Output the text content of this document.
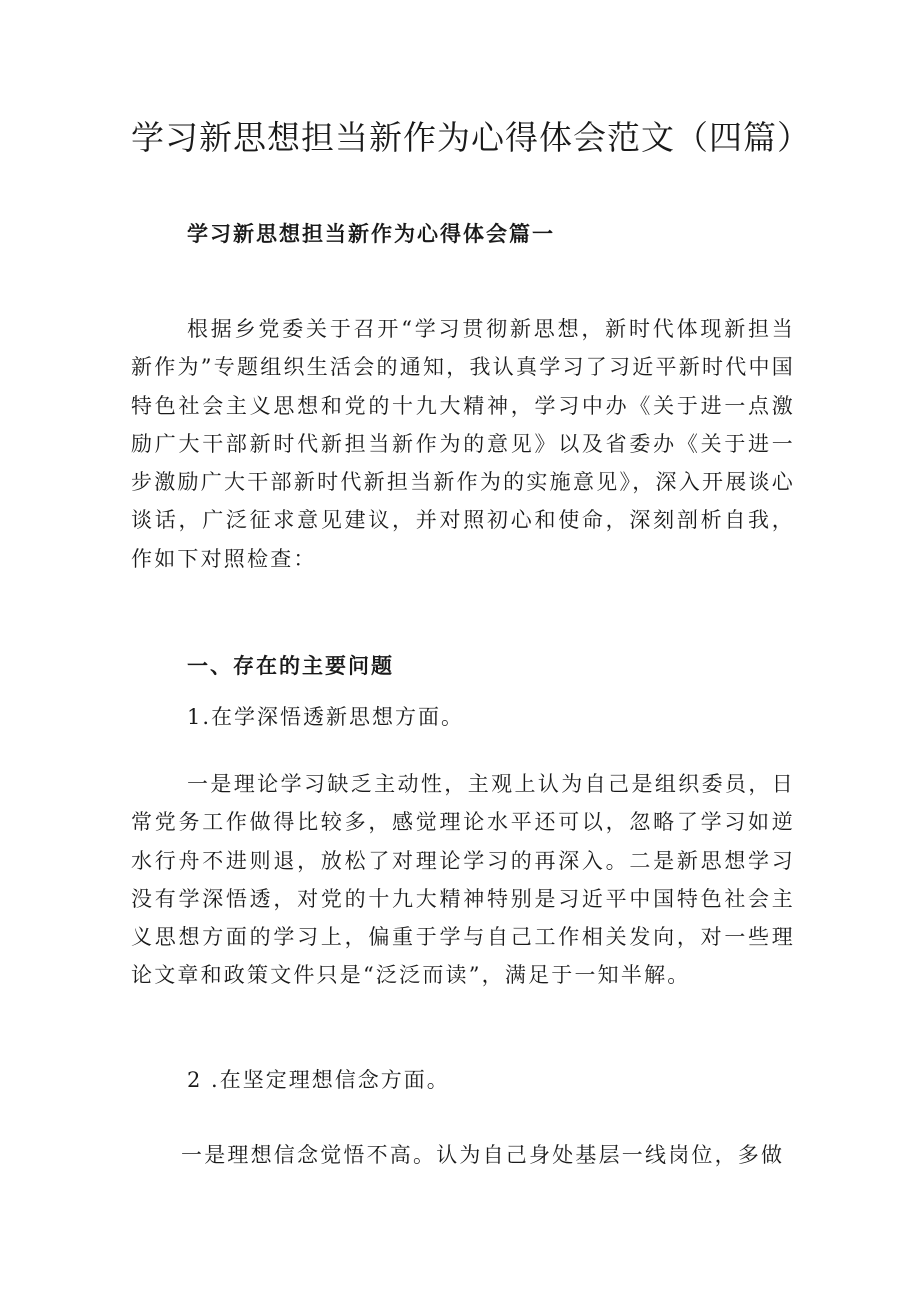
学习新思想担当新作为心得体会范文（四篇）
学习新思想担当新作为心得体会篇一

根据乡党委关于召开“学习贯彻新思想，新时代体现新担当新作为”专题组织生活会的通知，我认真学习了习近平新时代中国特色社会主义思想和党的十九大精神，学习中办《关于进一点激励广大干部新时代新担当新作为的意见》以及省委办《关于进一步激励广大干部新时代新担当新作为的实施意见》，深入开展谈心谈话，广泛征求意见建议，并对照初心和使命，深刻剖析自我，作如下对照检查：

一、存在的主要问题

1.在学深悟透新思想方面。

一是理论学习缺乏主动性，主观上认为自己是组织委员，日常党务工作做得比较多，感觉理论水平还可以，忽略了学习如逆水行舟不进则退，放松了对理论学习的再深入。二是新思想学习没有学深悟透，对党的十九大精神特别是习近平中国特色社会主义思想方面的学习上，偏重于学与自己工作相关发向，对一些理论文章和政策文件只是“泛泛而读”，满足于一知半解。

2 .在坚定理想信念方面。

一是理想信念觉悟不高。认为自己身处基层一线岗位，多做
